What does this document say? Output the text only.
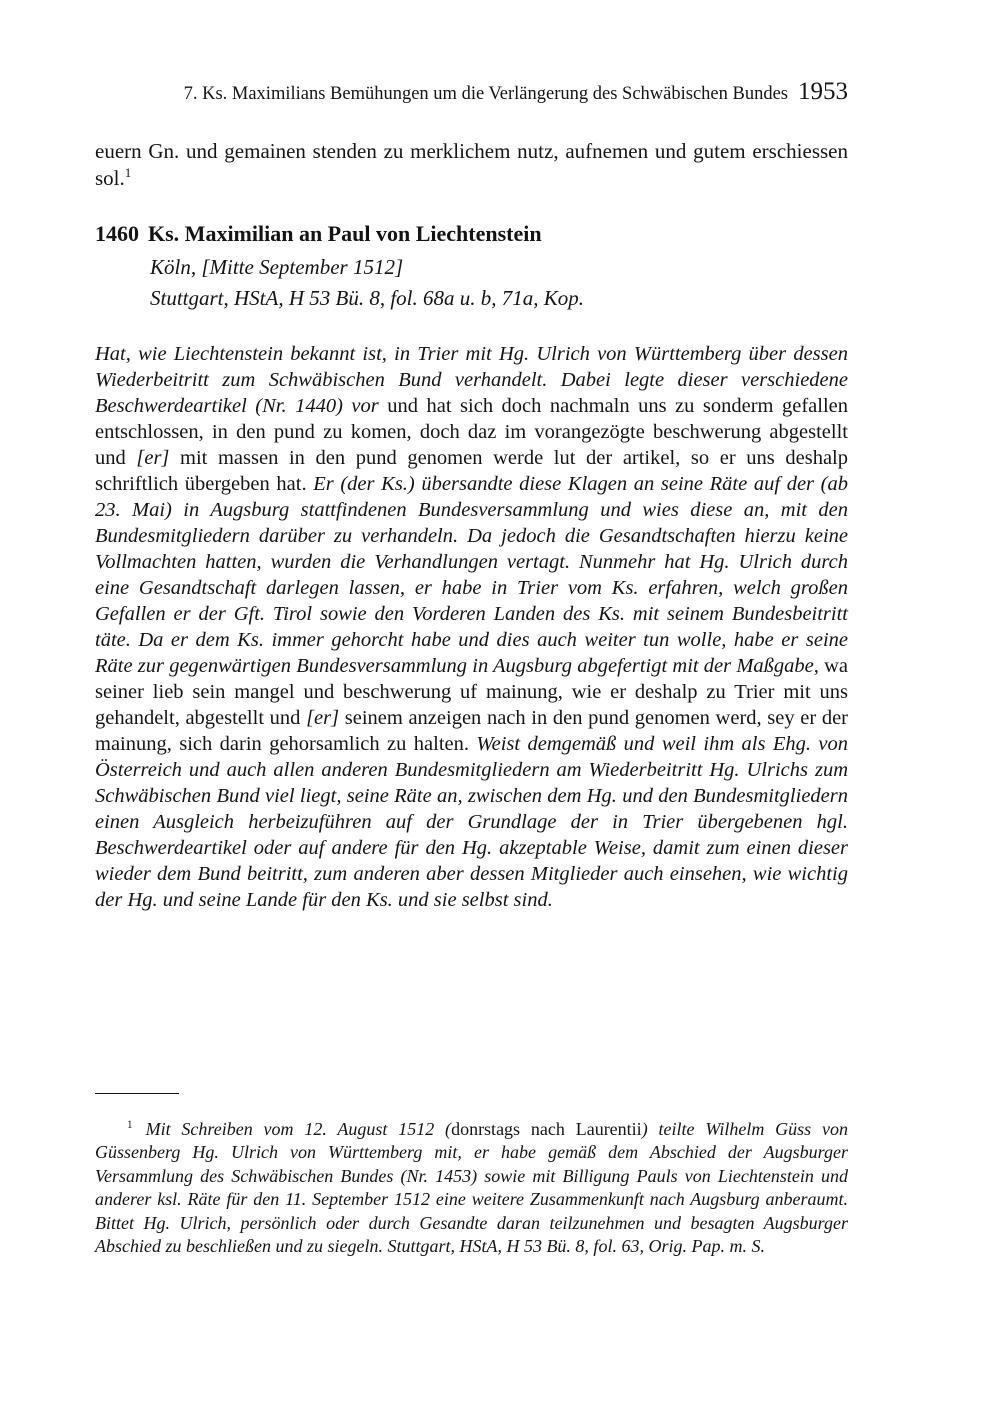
7. Ks. Maximilians Bemühungen um die Verlängerung des Schwäbischen Bundes 1953

euern Gn. und gemainen stenden zu merklichem nutz, aufnemen und gutem erschiessen sol.$^1$

1460 Ks. Maximilian an Paul von Liechtenstein
Köln, [Mitte September 1512]
Stuttgart, HStA, H 53 Bü. 8, fol. 68a u. b, 71a, Kop.

Hat, wie Liechtenstein bekannt ist, in Trier mit Hg. Ulrich von Württemberg über dessen Wiederbeitritt zum Schwäbischen Bund verhandelt. Dabei legte dieser verschiedene Beschwerdeartikel (Nr. 1440) vor und hat sich doch nachmaln uns zu sonderm gefallen entschlossen, in den pund zu komen, doch daz im vorangezögte beschwerung abgestellt und [er] mit massen in den pund genomen werde lut der artikel, so er uns deshalp schriftlich übergeben hat. Er (der Ks.) übersandte diese Klagen an seine Räte auf der (ab 23. Mai) in Augsburg stattfindenen Bundesversammlung und wies diese an, mit den Bundesmitgliedern darüber zu verhandeln. Da jedoch die Gesandtschaften hierzu keine Vollmachten hatten, wurden die Verhandlungen vertagt. Nunmehr hat Hg. Ulrich durch eine Gesandtschaft darlegen lassen, er habe in Trier vom Ks. erfahren, welch großen Gefallen er der Gft. Tirol sowie den Vorderen Landen des Ks. mit seinem Bundesbeitritt täte. Da er dem Ks. immer gehorcht habe und dies auch weiter tun wolle, habe er seine Räte zur gegenwärtigen Bundesversammlung in Augsburg abgefertigt mit der Maßgabe, wa seiner lieb sein mangel und beschwerung uf mainung, wie er deshalp zu Trier mit uns gehandelt, abgestellt und [er] seinem anzeigen nach in den pund genomen werd, sey er der mainung, sich darin gehorsamlich zu halten. Weist demgemäß und weil ihm als Ehg. von Österreich und auch allen anderen Bundesmitgliedern am Wiederbeitritt Hg. Ulrichs zum Schwäbischen Bund viel liegt, seine Räte an, zwischen dem Hg. und den Bundesmitgliedern einen Ausgleich herbeizuführen auf der Grundlage der in Trier übergebenen hgl. Beschwerdeartikel oder auf andere für den Hg. akzeptable Weise, damit zum einen dieser wieder dem Bund beitritt, zum anderen aber dessen Mitglieder auch einsehen, wie wichtig der Hg. und seine Lande für den Ks. und sie selbst sind.

$^1$ Mit Schreiben vom 12. August 1512 (donrstags nach Laurentii) teilte Wilhelm Güss von Güssenberg Hg. Ulrich von Württemberg mit, er habe gemäß dem Abschied der Augsburger Versammlung des Schwäbischen Bundes (Nr. 1453) sowie mit Billigung Pauls von Liechtenstein und anderer ksl. Räte für den 11. September 1512 eine weitere Zusammenkunft nach Augsburg anberaumt. Bittet Hg. Ulrich, persönlich oder durch Gesandte daran teilzunehmen und besagten Augsburger Abschied zu beschließen und zu siegeln. Stuttgart, HStA, H 53 Bü. 8, fol. 63, Orig. Pap. m. S.
